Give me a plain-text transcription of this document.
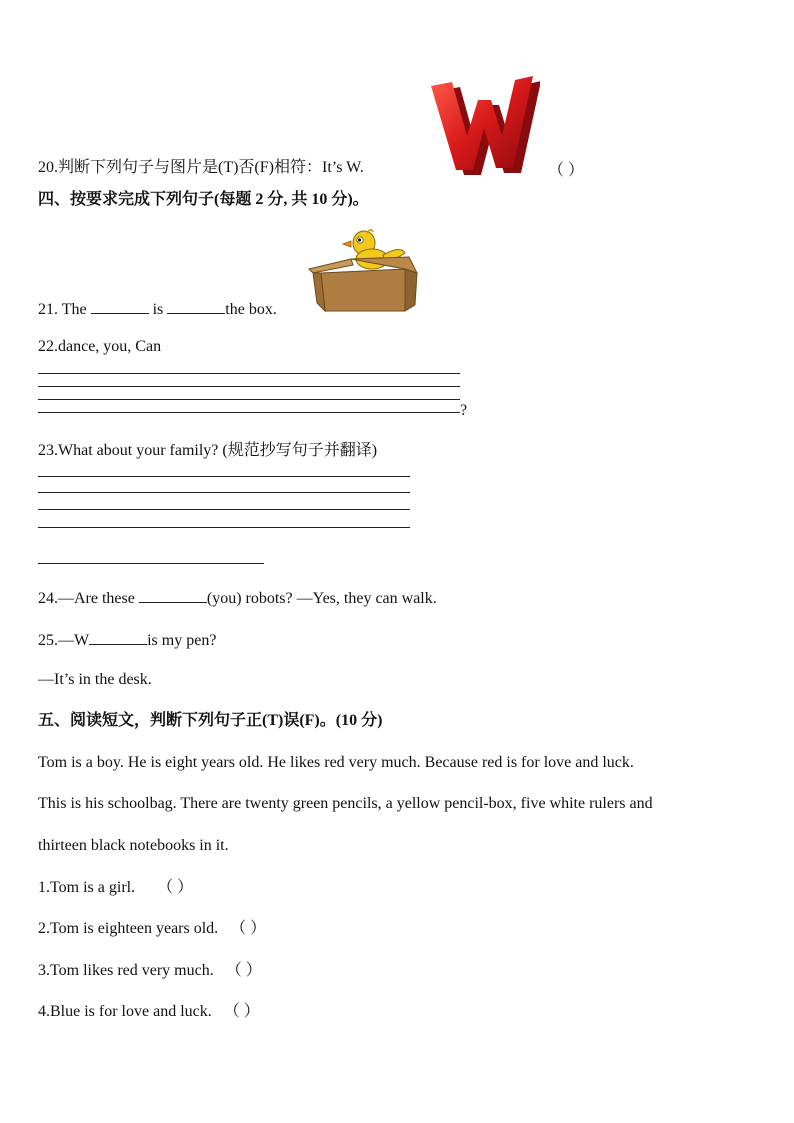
20.判断下列句子与图片是(T)否(F)相符：It’s W.	W	（ ）
四、按要求完成下列句子(每题 2 分, 共 10 分)。
21. The	is	the box.
22.dance, you, Can
?
23.What about your family? (规范抄写句子并翻译)
24.—Are these	(you) robots? —Yes, they can walk.
25.—W	is my pen?
—It’s in the desk.
五、阅读短文，判断下列句子正(T)误(F)。(10 分)
Tom is a boy. He is eight years old. He likes red very much. Because red is for love and luck.
This is his schoolbag. There are twenty green pencils, a yellow pencil-box, five white rulers and
thirteen black notebooks in it.
1.Tom is a girl. （ ）
2.Tom is eighteen years old. （ ）
3.Tom likes red very much. （ ）
4.Blue is for love and luck. （ ）
